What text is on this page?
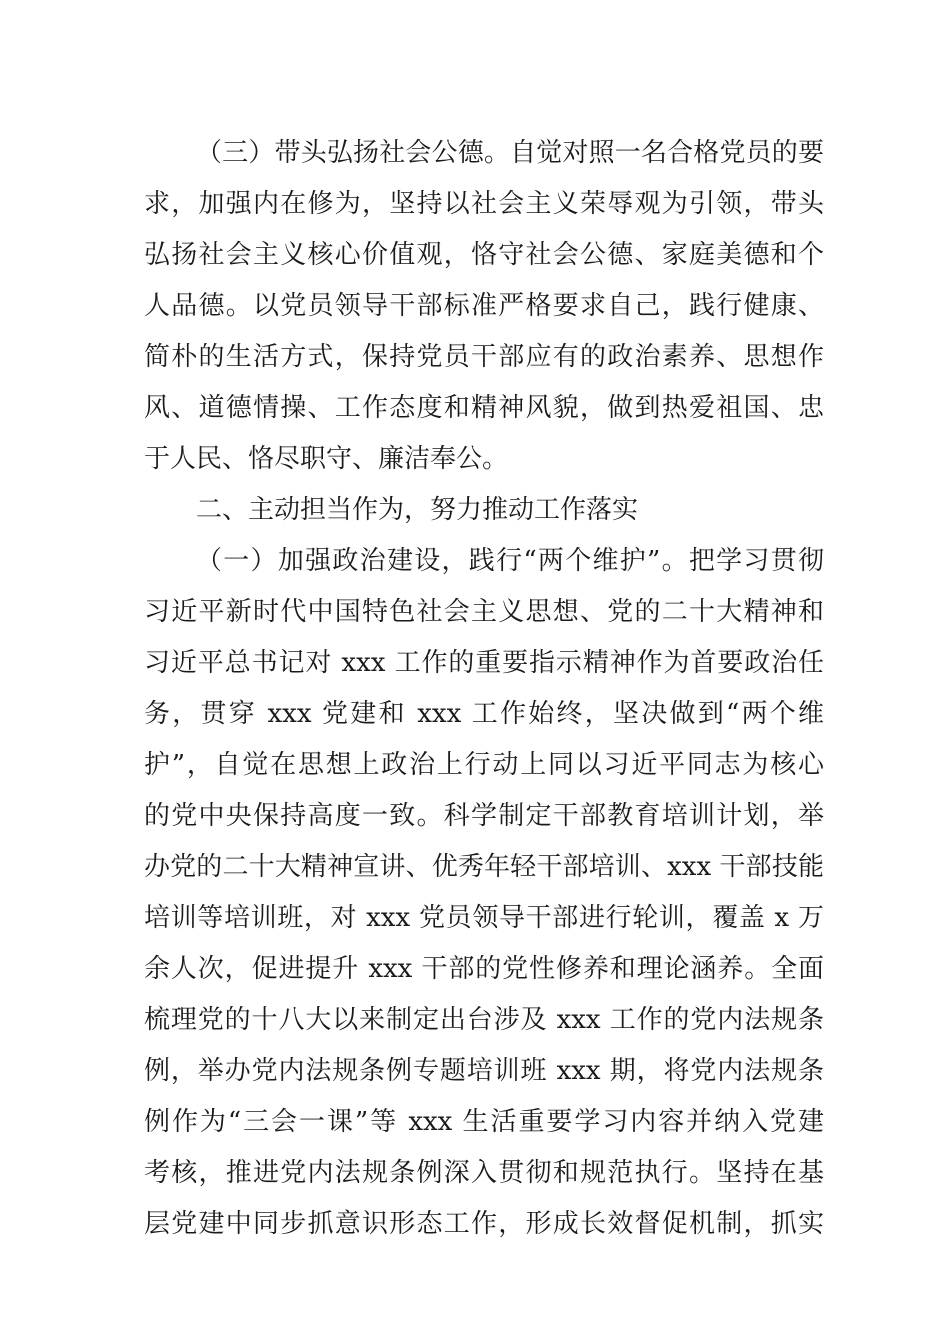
（三）带头弘扬社会公德。自觉对照一名合格党员的要
求，加强内在修为，坚持以社会主义荣辱观为引领，带头
弘扬社会主义核心价值观，恪守社会公德、家庭美德和个
人品德。以党员领导干部标准严格要求自己，践行健康、
简朴的生活方式，保持党员干部应有的政治素养、思想作
风、道德情操、工作态度和精神风貌，做到热爱祖国、忠
于人民、恪尽职守、廉洁奉公。
二、主动担当作为，努力推动工作落实
（一）加强政治建设，践行“两个维护”。把学习贯彻
习近平新时代中国特色社会主义思想、党的二十大精神和
习近平总书记对 xxx 工作的重要指示精神作为首要政治任
务，贯穿 xxx 党建和 xxx 工作始终，坚决做到“两个维
护”，自觉在思想上政治上行动上同以习近平同志为核心
的党中央保持高度一致。科学制定干部教育培训计划，举
办党的二十大精神宣讲、优秀年轻干部培训、xxx 干部技能
培训等培训班，对 xxx 党员领导干部进行轮训，覆盖 x 万
余人次，促进提升 xxx 干部的党性修养和理论涵养。全面
梳理党的十八大以来制定出台涉及 xxx 工作的党内法规条
例，举办党内法规条例专题培训班 xxx 期，将党内法规条
例作为“三会一课”等 xxx 生活重要学习内容并纳入党建
考核，推进党内法规条例深入贯彻和规范执行。坚持在基
层党建中同步抓意识形态工作，形成长效督促机制，抓实
